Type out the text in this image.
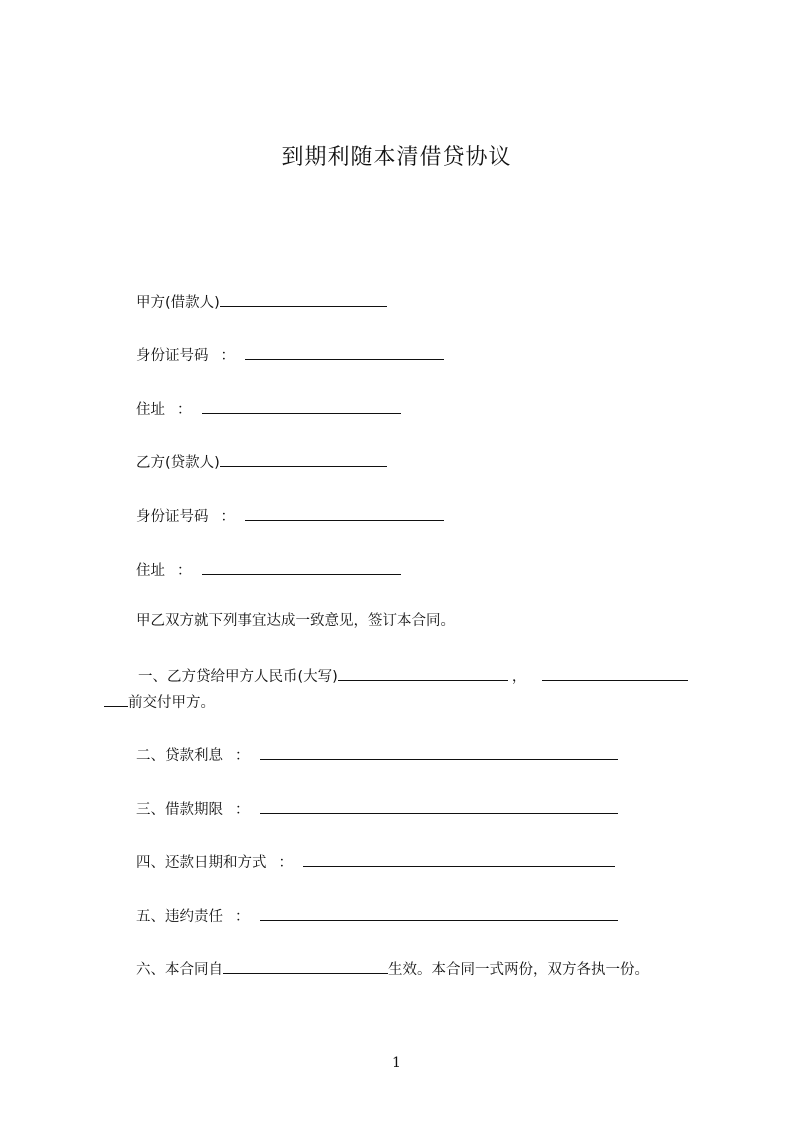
到期利随本清借贷协议
甲方(借款人)
身份证号码 ：
住址 ：
乙方(贷款人)
身份证号码 ：
住址 ：
甲乙双方就下列事宜达成一致意见，签订本合同。
一、乙方贷给甲方人民币(大写)	，
前交付甲方。
二、贷款利息 ：
三、借款期限 ：
四、还款日期和方式 ：
五、违约责任 ：
六、本合同自	生效。本合同一式两份，双方各执一份。
1
